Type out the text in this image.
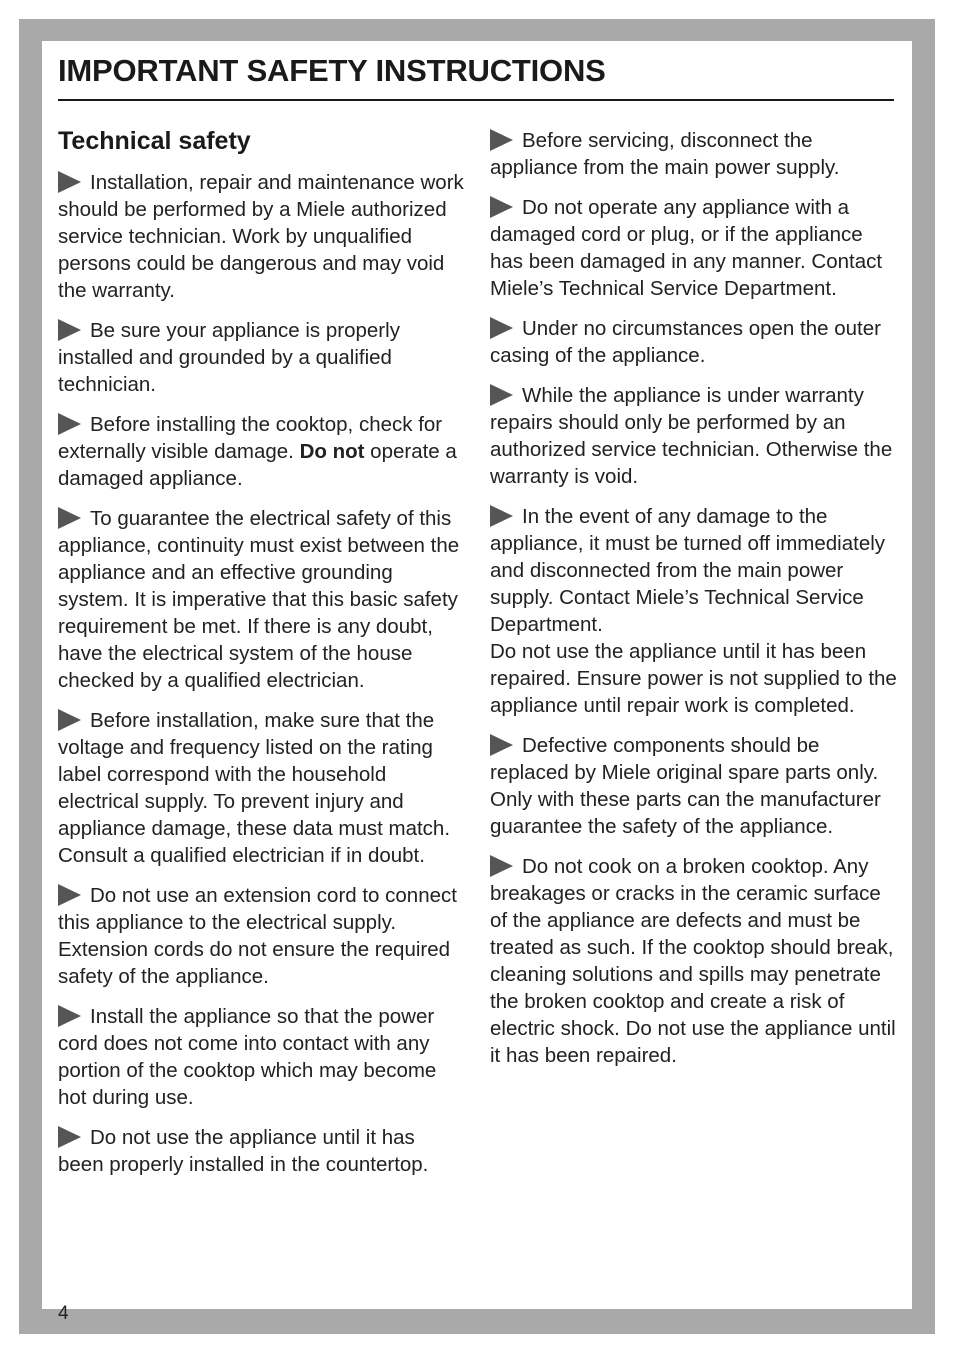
IMPORTANT SAFETY INSTRUCTIONS
Technical safety

Installation, repair and maintenance work should be performed by a Miele authorized service technician. Work by unqualified persons could be dangerous and may void the warranty.

Be sure your appliance is properly installed and grounded by a qualified technician.

Before installing the cooktop, check for externally visible damage. Do not operate a damaged appliance.

To guarantee the electrical safety of this appliance, continuity must exist between the appliance and an effective grounding system. It is imperative that this basic safety requirement be met. If there is any doubt, have the electrical system of the house checked by a qualified electrician.

Before installation, make sure that the voltage and frequency listed on the rating label correspond with the household electrical supply. To prevent injury and appliance damage, these data must match. Consult a qualified electrician if in doubt.

Do not use an extension cord to connect this appliance to the electrical supply. Extension cords do not ensure the required safety of the appliance.

Install the appliance so that the power cord does not come into contact with any portion of the cooktop which may become hot during use.

Do not use the appliance until it has been properly installed in the countertop.

Before servicing, disconnect the appliance from the main power supply.

Do not operate any appliance with a damaged cord or plug, or if the appliance has been damaged in any manner. Contact Miele’s Technical Service Department.

Under no circumstances open the outer casing of the appliance.

While the appliance is under warranty repairs should only be performed by an authorized service technician. Otherwise the warranty is void.

In the event of any damage to the appliance, it must be turned off immediately and disconnected from the main power supply. Contact Miele’s Technical Service Department.
Do not use the appliance until it has been repaired. Ensure power is not supplied to the appliance until repair work is completed.

Defective components should be replaced by Miele original spare parts only. Only with these parts can the manufacturer guarantee the safety of the appliance.

Do not cook on a broken cooktop. Any breakages or cracks in the ceramic surface of the appliance are defects and must be treated as such. If the cooktop should break, cleaning solutions and spills may penetrate the broken cooktop and create a risk of electric shock. Do not use the appliance until it has been repaired.

4
